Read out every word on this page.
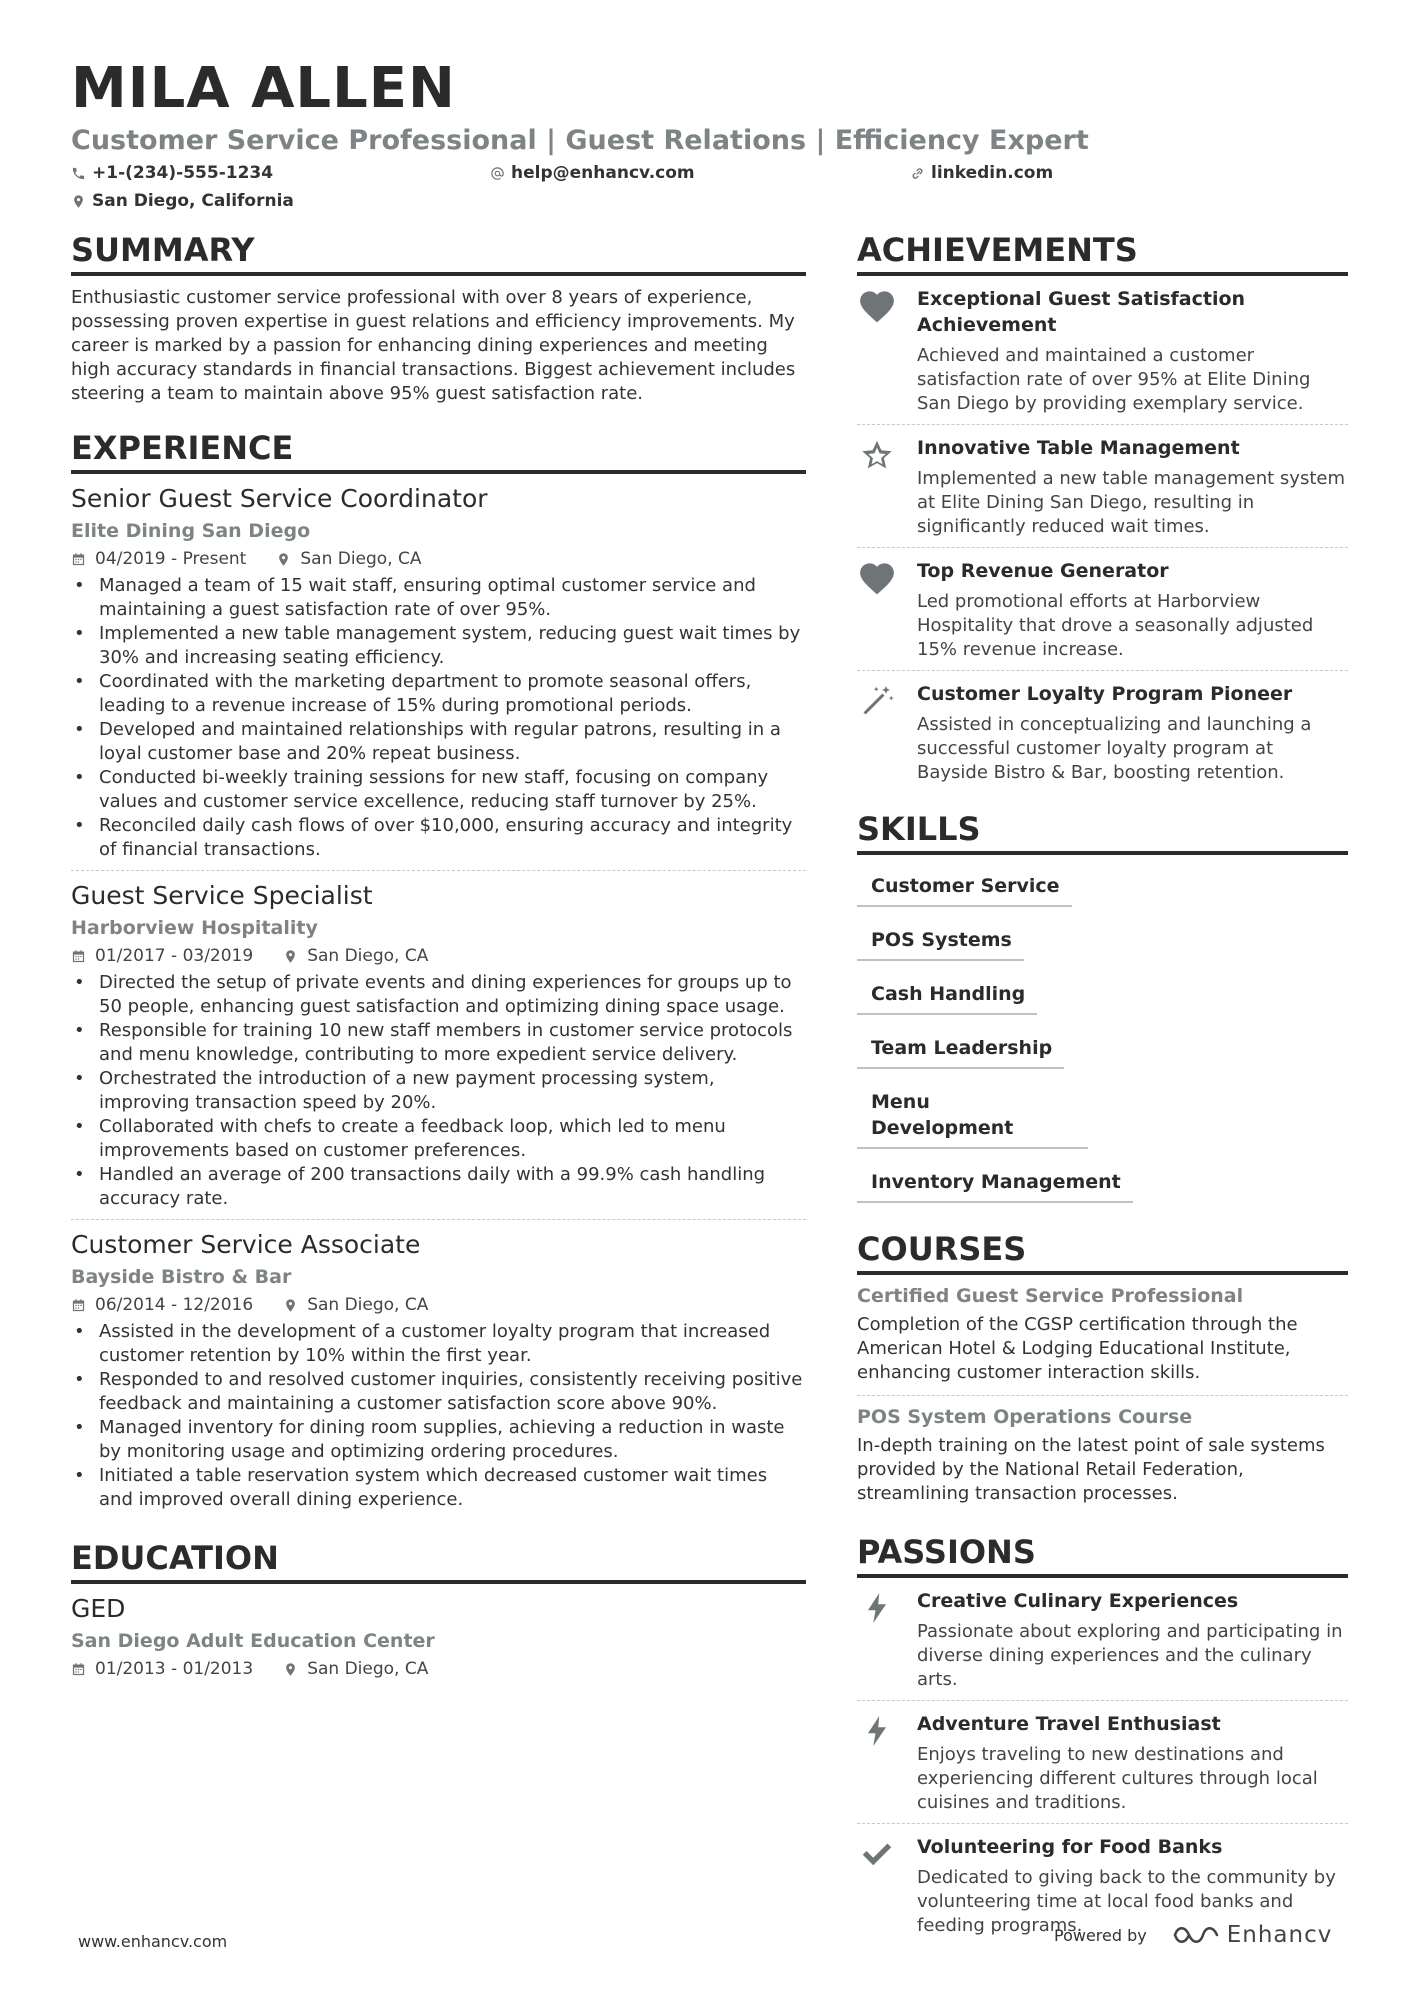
MILA ALLEN
Customer Service Professional | Guest Relations | Efficiency Expert
+1-(234)-555-1234	help@enhancv.com	linkedin.com
San Diego, California
SUMMARY
Enthusiastic customer service professional with over 8 years of experience, possessing proven expertise in guest relations and efficiency improvements. My career is marked by a passion for enhancing dining experiences and meeting high accuracy standards in financial transactions. Biggest achievement includes steering a team to maintain above 95% guest satisfaction rate.
EXPERIENCE
Senior Guest Service Coordinator
Elite Dining San Diego
04/2019 - Present	San Diego, CA
• Managed a team of 15 wait staff, ensuring optimal customer service and maintaining a guest satisfaction rate of over 95%.
• Implemented a new table management system, reducing guest wait times by 30% and increasing seating efficiency.
• Coordinated with the marketing department to promote seasonal offers, leading to a revenue increase of 15% during promotional periods.
• Developed and maintained relationships with regular patrons, resulting in a loyal customer base and 20% repeat business.
• Conducted bi-weekly training sessions for new staff, focusing on company values and customer service excellence, reducing staff turnover by 25%.
• Reconciled daily cash flows of over $10,000, ensuring accuracy and integrity of financial transactions.
Guest Service Specialist
Harborview Hospitality
01/2017 - 03/2019	San Diego, CA
• Directed the setup of private events and dining experiences for groups up to 50 people, enhancing guest satisfaction and optimizing dining space usage.
• Responsible for training 10 new staff members in customer service protocols and menu knowledge, contributing to more expedient service delivery.
• Orchestrated the introduction of a new payment processing system, improving transaction speed by 20%.
• Collaborated with chefs to create a feedback loop, which led to menu improvements based on customer preferences.
• Handled an average of 200 transactions daily with a 99.9% cash handling accuracy rate.
Customer Service Associate
Bayside Bistro & Bar
06/2014 - 12/2016	San Diego, CA
• Assisted in the development of a customer loyalty program that increased customer retention by 10% within the first year.
• Responded to and resolved customer inquiries, consistently receiving positive feedback and maintaining a customer satisfaction score above 90%.
• Managed inventory for dining room supplies, achieving a reduction in waste by monitoring usage and optimizing ordering procedures.
• Initiated a table reservation system which decreased customer wait times and improved overall dining experience.
EDUCATION
GED
San Diego Adult Education Center
01/2013 - 01/2013	San Diego, CA
ACHIEVEMENTS
Exceptional Guest Satisfaction Achievement
Achieved and maintained a customer satisfaction rate of over 95% at Elite Dining San Diego by providing exemplary service.
Innovative Table Management
Implemented a new table management system at Elite Dining San Diego, resulting in significantly reduced wait times.
Top Revenue Generator
Led promotional efforts at Harborview Hospitality that drove a seasonally adjusted 15% revenue increase.
Customer Loyalty Program Pioneer
Assisted in conceptualizing and launching a successful customer loyalty program at Bayside Bistro & Bar, boosting retention.
SKILLS
Customer Service
POS Systems
Cash Handling
Team Leadership
Menu Development
Inventory Management
COURSES
Certified Guest Service Professional
Completion of the CGSP certification through the American Hotel & Lodging Educational Institute, enhancing customer interaction skills.
POS System Operations Course
In-depth training on the latest point of sale systems provided by the National Retail Federation, streamlining transaction processes.
PASSIONS
Creative Culinary Experiences
Passionate about exploring and participating in diverse dining experiences and the culinary arts.
Adventure Travel Enthusiast
Enjoys traveling to new destinations and experiencing different cultures through local cuisines and traditions.
Volunteering for Food Banks
Dedicated to giving back to the community by volunteering time at local food banks and feeding programs.
www.enhancv.com	Powered by	Enhancv
